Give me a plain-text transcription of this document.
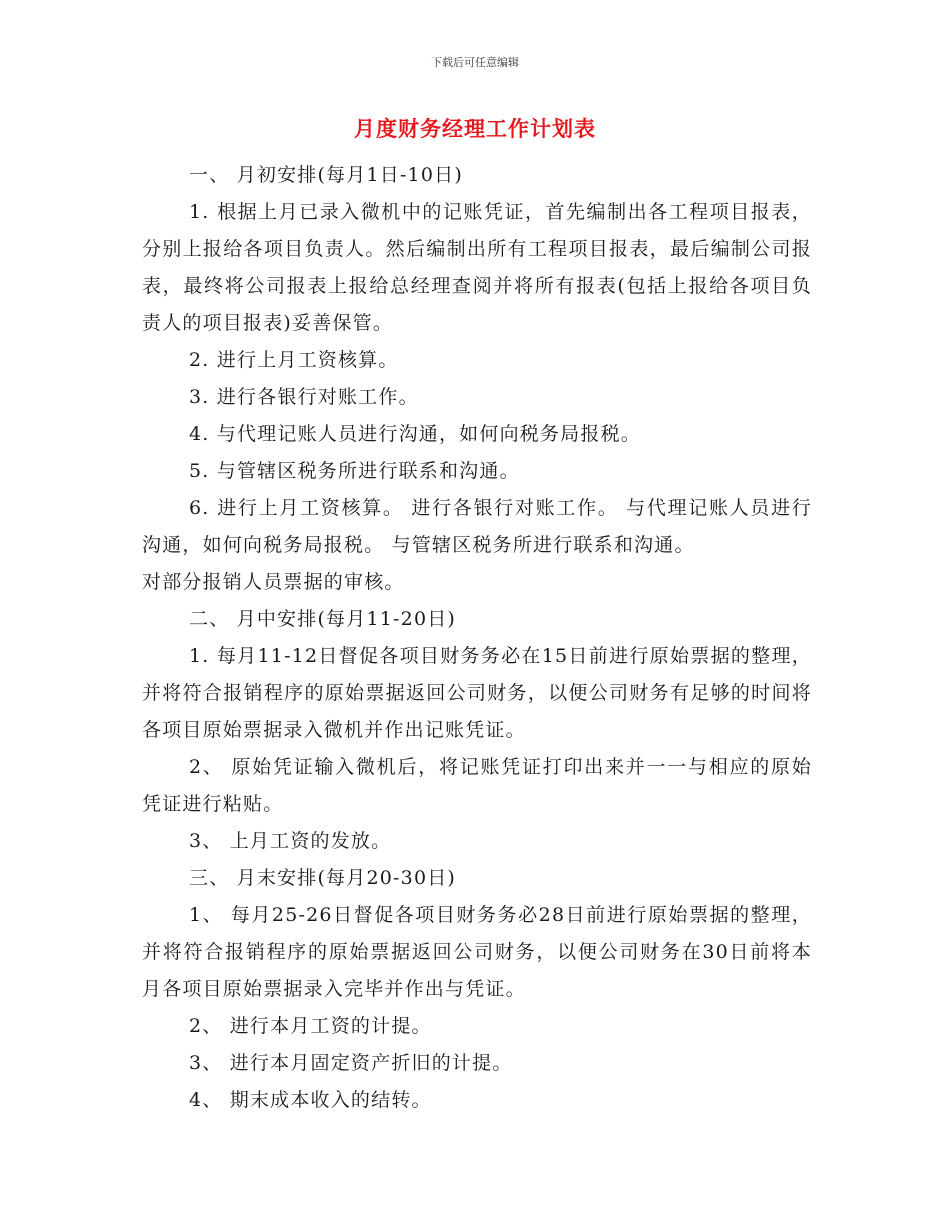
下载后可任意编辑
月度财务经理工作计划表

一、 月初安排(每月1日-10日)

1. 根据上月已录入微机中的记账凭证，首先编制出各工程项目报表，分别上报给各项目负责人。然后编制出所有工程项目报表，最后编制公司报表，最终将公司报表上报给总经理查阅并将所有报表(包括上报给各项目负责人的项目报表)妥善保管。

2. 进行上月工资核算。

3. 进行各银行对账工作。

4. 与代理记账人员进行沟通，如何向税务局报税。

5. 与管辖区税务所进行联系和沟通。

6. 进行上月工资核算。 进行各银行对账工作。 与代理记账人员进行沟通，如何向税务局报税。 与管辖区税务所进行联系和沟通。

对部分报销人员票据的审核。

二、 月中安排(每月11-20日)

1. 每月11-12日督促各项目财务务必在15日前进行原始票据的整理，并将符合报销程序的原始票据返回公司财务，以便公司财务有足够的时间将各项目原始票据录入微机并作出记账凭证。

2、 原始凭证输入微机后，将记账凭证打印出来并一一与相应的原始凭证进行粘贴。

3、 上月工资的发放。

三、 月末安排(每月20-30日)

1、 每月25-26日督促各项目财务务必28日前进行原始票据的整理，并将符合报销程序的原始票据返回公司财务，以便公司财务在30日前将本月各项目原始票据录入完毕并作出与凭证。

2、 进行本月工资的计提。

3、 进行本月固定资产折旧的计提。

4、 期末成本收入的结转。
